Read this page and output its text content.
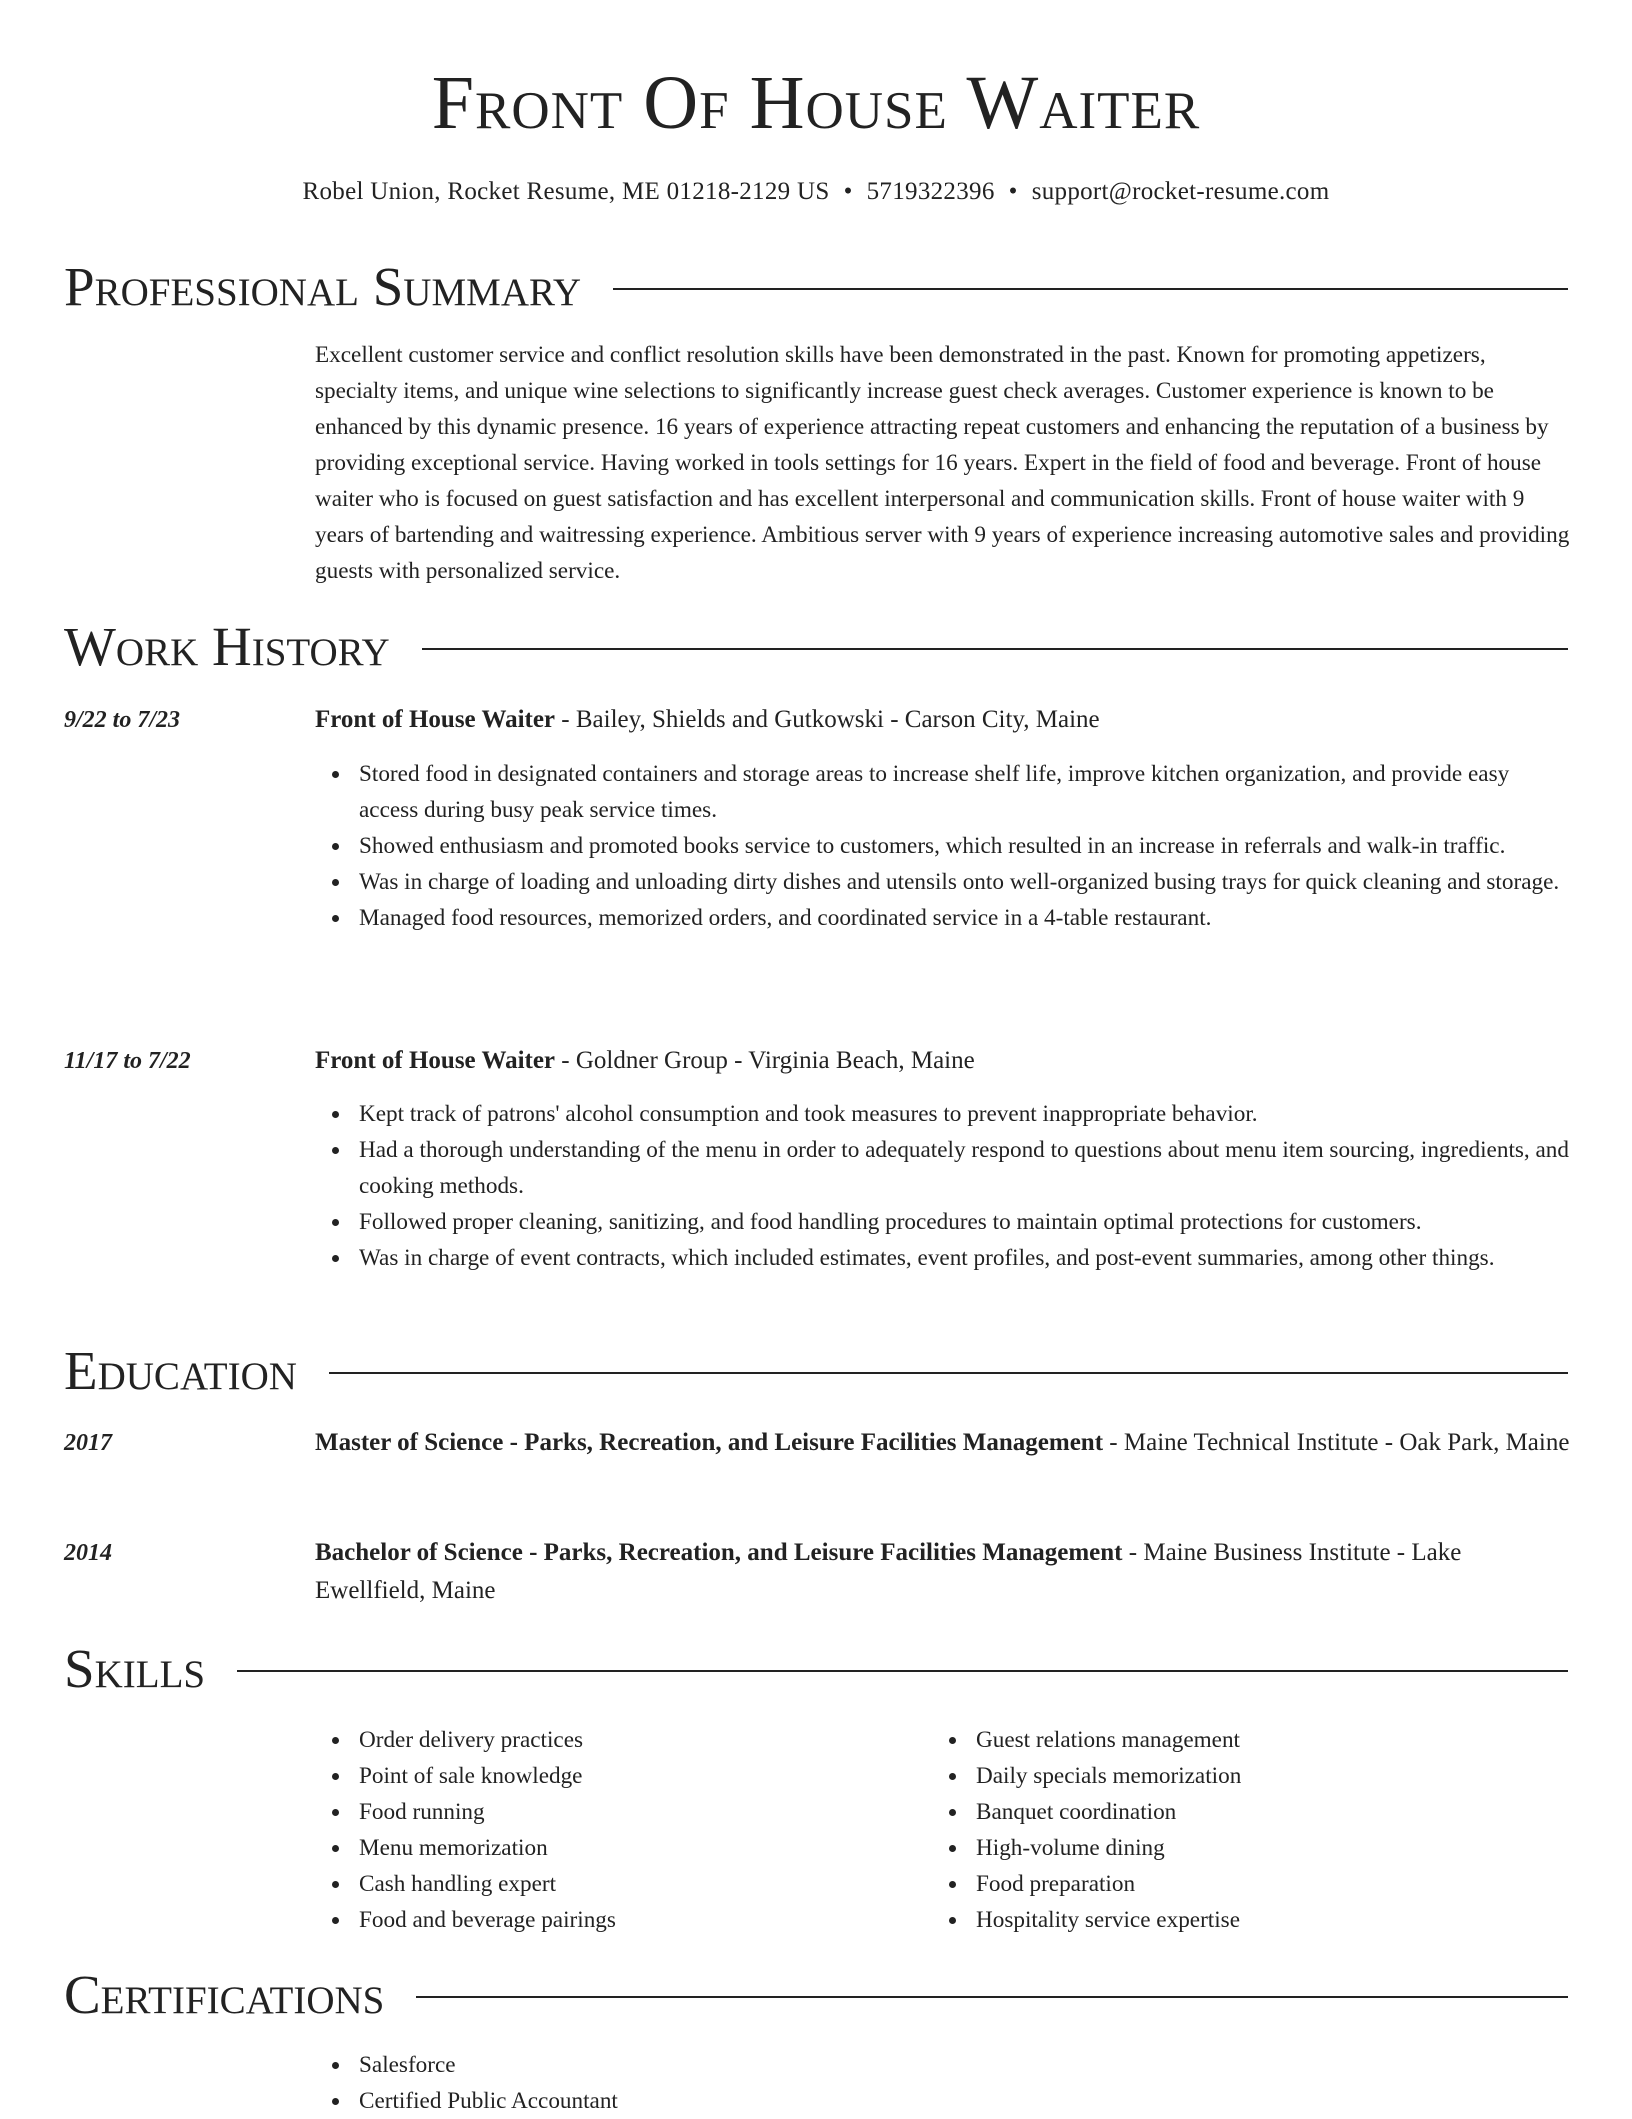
Front Of House Waiter
Robel Union, Rocket Resume, ME 01218-2129 US • 5719322396 • support@rocket-resume.com
Professional Summary
Excellent customer service and conflict resolution skills have been demonstrated in the past. Known for promoting appetizers, specialty items, and unique wine selections to significantly increase guest check averages. Customer experience is known to be enhanced by this dynamic presence. 16 years of experience attracting repeat customers and enhancing the reputation of a business by providing exceptional service. Having worked in tools settings for 16 years. Expert in the field of food and beverage. Front of house waiter who is focused on guest satisfaction and has excellent interpersonal and communication skills. Front of house waiter with 9 years of bartending and waitressing experience. Ambitious server with 9 years of experience increasing automotive sales and providing guests with personalized service.
Work History
9/22 to 7/23	Front of House Waiter - Bailey, Shields and Gutkowski - Carson City, Maine
Stored food in designated containers and storage areas to increase shelf life, improve kitchen organization, and provide easy access during busy peak service times.
Showed enthusiasm and promoted books service to customers, which resulted in an increase in referrals and walk-in traffic.
Was in charge of loading and unloading dirty dishes and utensils onto well-organized busing trays for quick cleaning and storage.
Managed food resources, memorized orders, and coordinated service in a 4-table restaurant.
11/17 to 7/22	Front of House Waiter - Goldner Group - Virginia Beach, Maine
Kept track of patrons' alcohol consumption and took measures to prevent inappropriate behavior.
Had a thorough understanding of the menu in order to adequately respond to questions about menu item sourcing, ingredients, and cooking methods.
Followed proper cleaning, sanitizing, and food handling procedures to maintain optimal protections for customers.
Was in charge of event contracts, which included estimates, event profiles, and post-event summaries, among other things.
Education
2017	Master of Science - Parks, Recreation, and Leisure Facilities Management - Maine Technical Institute - Oak Park, Maine
2014	Bachelor of Science - Parks, Recreation, and Leisure Facilities Management - Maine Business Institute - Lake Ewellfield, Maine
Skills
Order delivery practices
Point of sale knowledge
Food running
Menu memorization
Cash handling expert
Food and beverage pairings
Guest relations management
Daily specials memorization
Banquet coordination
High-volume dining
Food preparation
Hospitality service expertise
Certifications
Salesforce
Certified Public Accountant
